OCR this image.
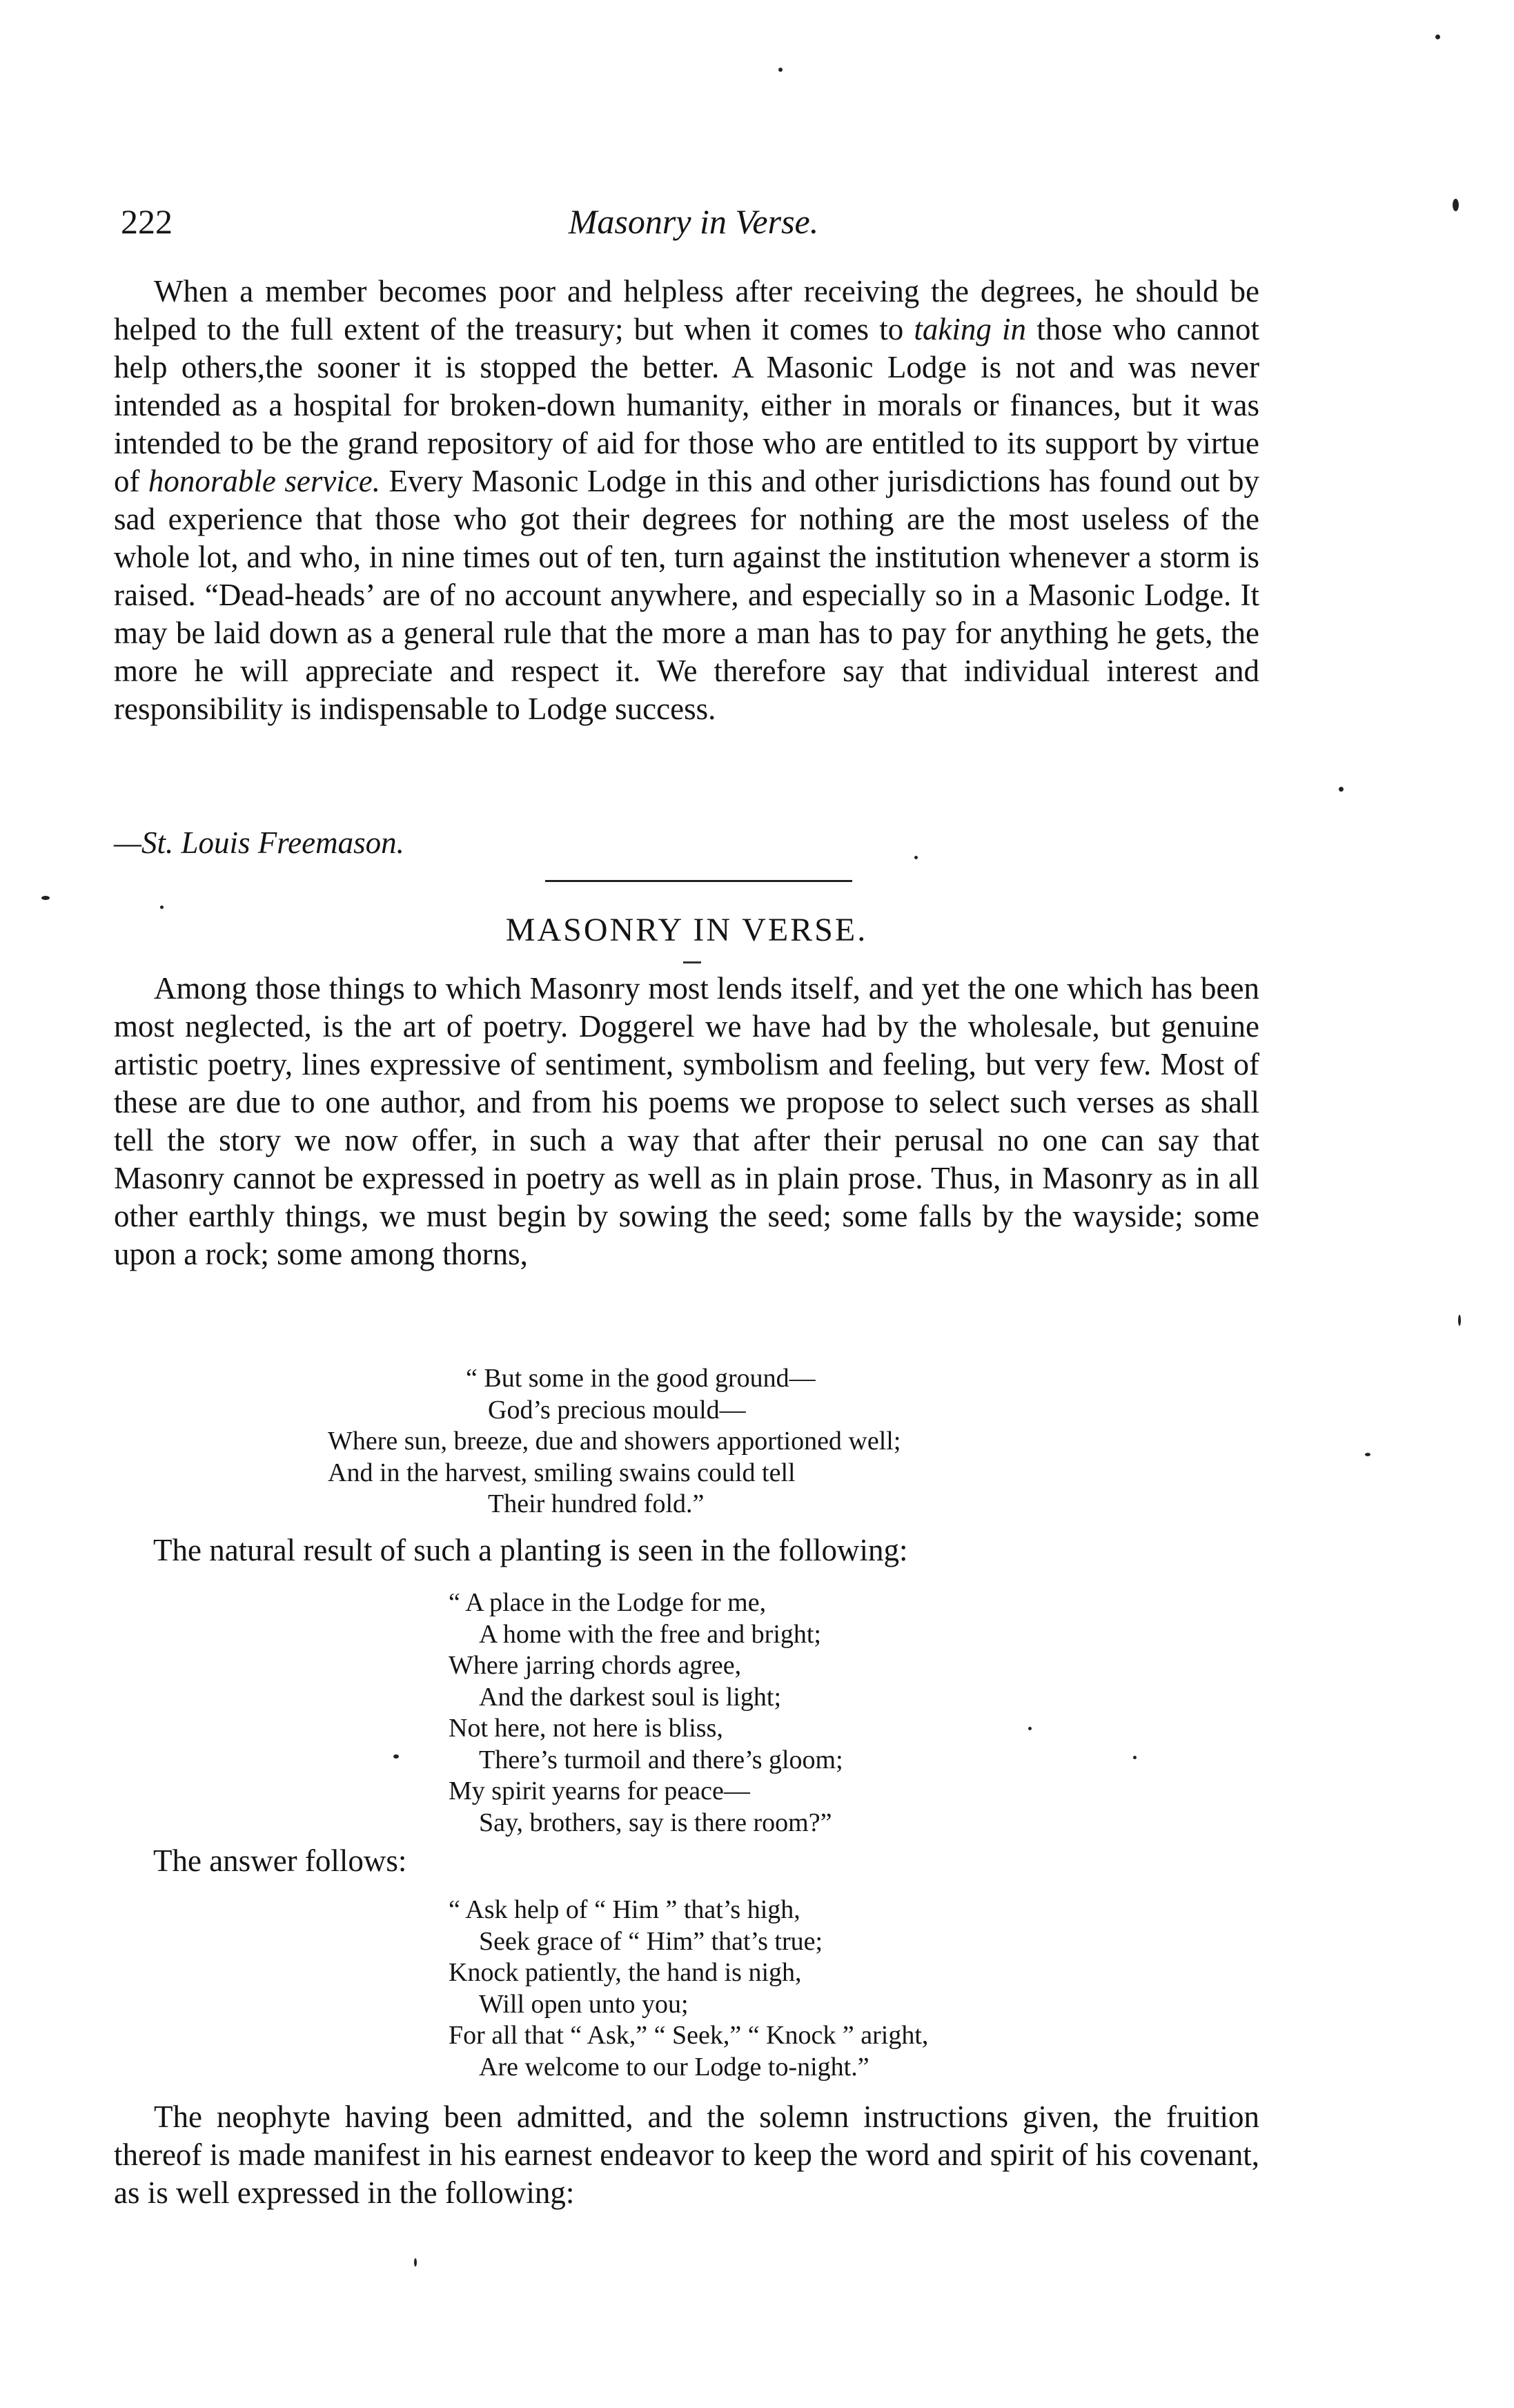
222	Masonry in Verse.

When a member becomes poor and helpless after receiving the degrees, he should be helped to the full extent of the treasury; but when it comes to taking in those who cannot help others,the sooner it is stopped the better. A Masonic Lodge is not and was never intended as a hospital for broken-down humanity, either in morals or finances, but it was intended to be the grand repository of aid for those who are entitled to its support by virtue of honorable service. Every Masonic Lodge in this and other jurisdictions has found out by sad experience that those who got their degrees for nothing are the most useless of the whole lot, and who, in nine times out of ten, turn against the institution whenever a storm is raised. “Dead-heads’ are of no account anywhere, and especially so in a Masonic Lodge. It may be laid down as a general rule that the more a man has to pay for anything he gets, the more he will appreciate and respect it. We therefore say that individual interest and responsibility is indispensable to Lodge success.

—St. Louis Freemason.
MASONRY IN VERSE.

Among those things to which Masonry most lends itself, and yet the one which has been most neglected, is the art of poetry. Doggerel we have had by the wholesale, but genuine artistic poetry, lines expressive of sentiment, symbolism and feeling, but very few. Most of these are due to one author, and from his poems we propose to select such verses as shall tell the story we now offer, in such a way that after their perusal no one can say that Masonry cannot be expressed in poetry as well as in plain prose. Thus, in Masonry as in all other earthly things, we must begin by sowing the seed; some falls by the wayside; some upon a rock; some among thorns,

“ But some in the good ground—
God’s precious mould—
Where sun, breeze, due and showers apportioned well;
And in the harvest, smiling swains could tell
Their hundred fold.”
The natural result of such a planting is seen in the following:
“ A place in the Lodge for me,
A home with the free and bright;
Where jarring chords agree,
And the darkest soul is light;
Not here, not here is bliss,
There’s turmoil and there’s gloom;
My spirit yearns for peace—
Say, brothers, say is there room?”
The answer follows:
“ Ask help of “ Him ” that’s high,
Seek grace of “ Him” that’s true;
Knock patiently, the hand is nigh,
Will open unto you;
For all that “ Ask,” “ Seek,” “ Knock ” aright,
Are welcome to our Lodge to-night.”

The neophyte having been admitted, and the solemn instructions given, the fruition thereof is made manifest in his earnest endeavor to keep the word and spirit of his covenant, as is well expressed in the following:
